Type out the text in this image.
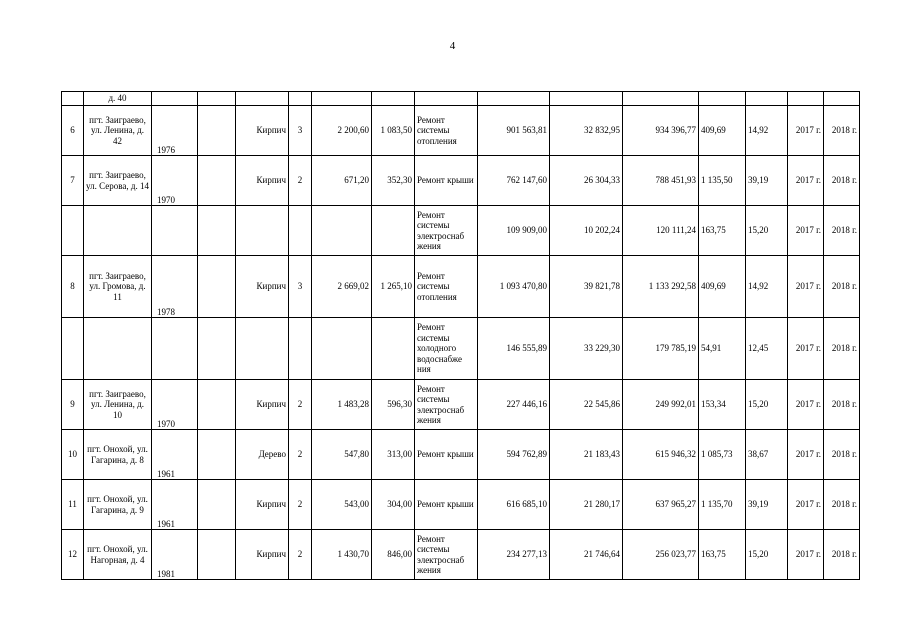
4
	д. 40														
6	пгт. Заиграево, ул. Ленина, д. 42	1976		Кирпич	3	2 200,60	1 083,50	Ремонт системы отопления	901 563,81	32 832,95	934 396,77	409,69	14,92	2017 г.	2018 г.
7	пгт. Заиграево, ул. Серова, д. 14	1970		Кирпич	2	671,20	352,30	Ремонт крыши	762 147,60	26 304,33	788 451,93	1 135,50	39,19	2017 г.	2018 г.
								Ремонт системы электроснаб жения	109 909,00	10 202,24	120 111,24	163,75	15,20	2017 г.	2018 г.
8	пгт. Заиграево, ул. Громова, д. 11	1978		Кирпич	3	2 669,02	1 265,10	Ремонт системы отопления	1 093 470,80	39 821,78	1 133 292,58	409,69	14,92	2017 г.	2018 г.
								Ремонт системы холодного водоснабже ния	146 555,89	33 229,30	179 785,19	54,91	12,45	2017 г.	2018 г.
9	пгт. Заиграево, ул. Ленина, д. 10	1970		Кирпич	2	1 483,28	596,30	Ремонт системы электроснаб жения	227 446,16	22 545,86	249 992,01	153,34	15,20	2017 г.	2018 г.
10	пгт. Онохой, ул. Гагарина, д. 8	1961		Дерево	2	547,80	313,00	Ремонт крыши	594 762,89	21 183,43	615 946,32	1 085,73	38,67	2017 г.	2018 г.
11	пгт. Онохой, ул. Гагарина, д. 9	1961		Кирпич	2	543,00	304,00	Ремонт крыши	616 685,10	21 280,17	637 965,27	1 135,70	39,19	2017 г.	2018 г.
12	пгт. Онохой, ул. Нагорная, д. 4	1981		Кирпич	2	1 430,70	846,00	Ремонт системы электроснаб жения	234 277,13	21 746,64	256 023,77	163,75	15,20	2017 г.	2018 г.
